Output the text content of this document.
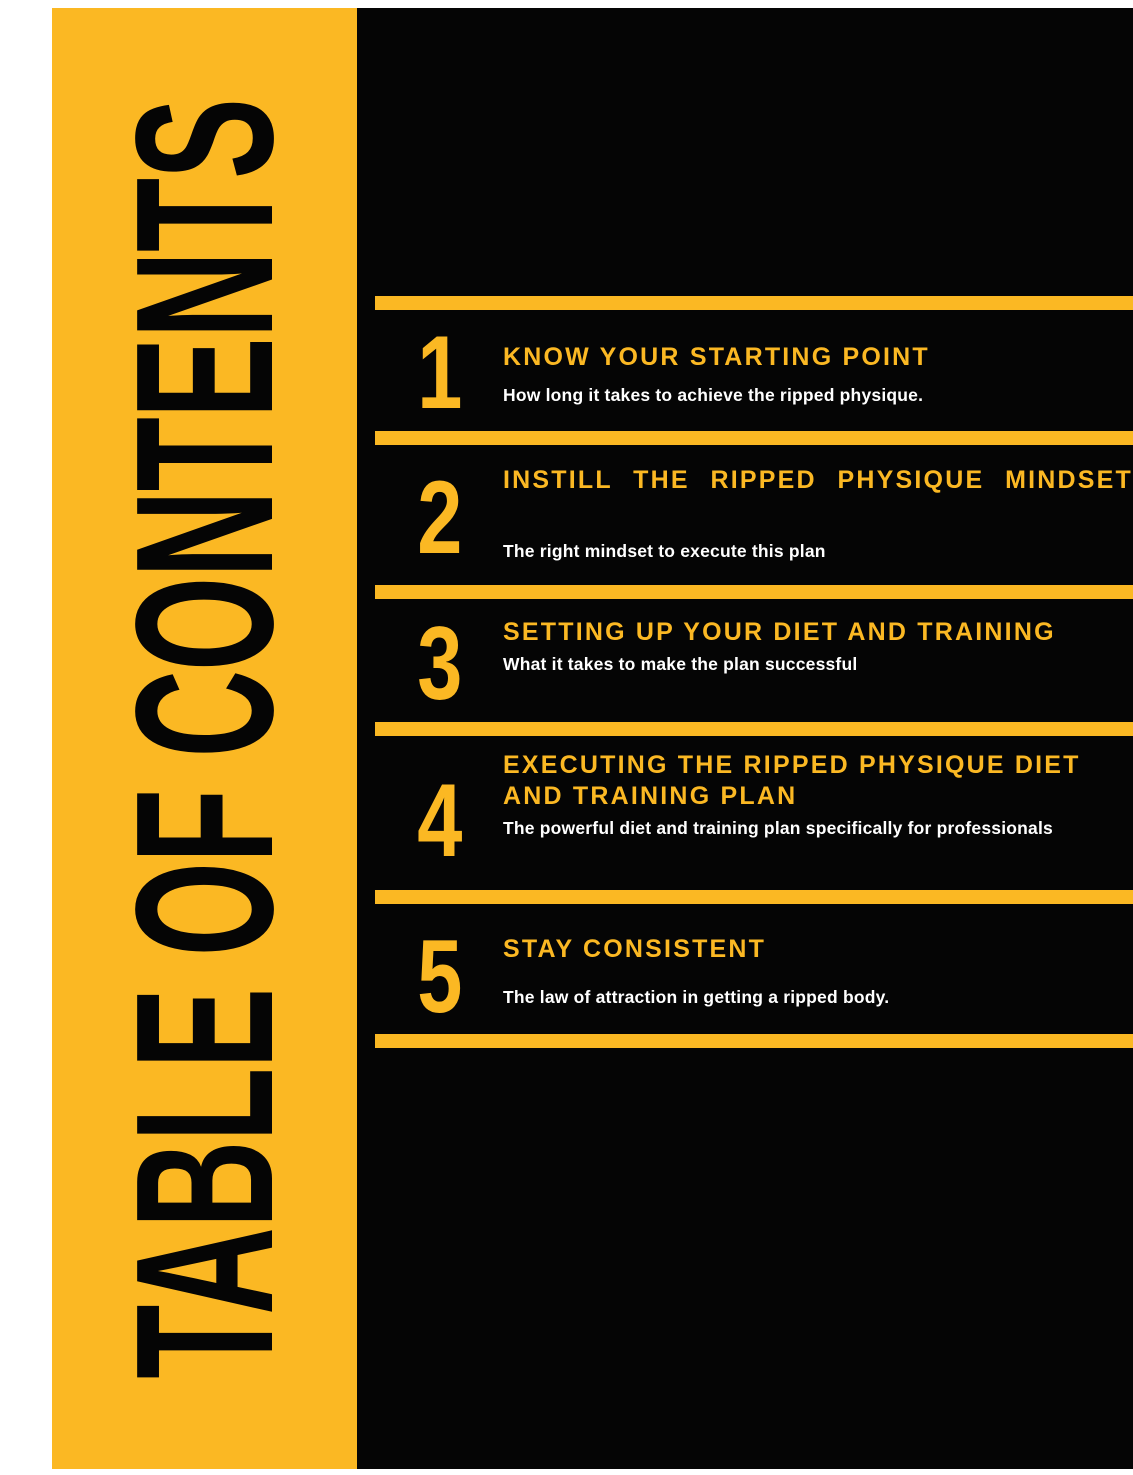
TABLE OF CONTENTS 1	KNOW YOUR STARTING POINT
How long it takes to achieve the ripped physique.
2	INSTILL THE RIPPED PHYSIQUE MINDSET
The right mindset to execute this plan
3	SETTING UP YOUR DIET AND TRAINING
What it takes to make the plan successful
4	EXECUTING THE RIPPED PHYSIQUE DIET AND TRAINING PLAN
The powerful diet and training plan specifically for professionals
5	STAY CONSISTENT
The law of attraction in getting a ripped body.
